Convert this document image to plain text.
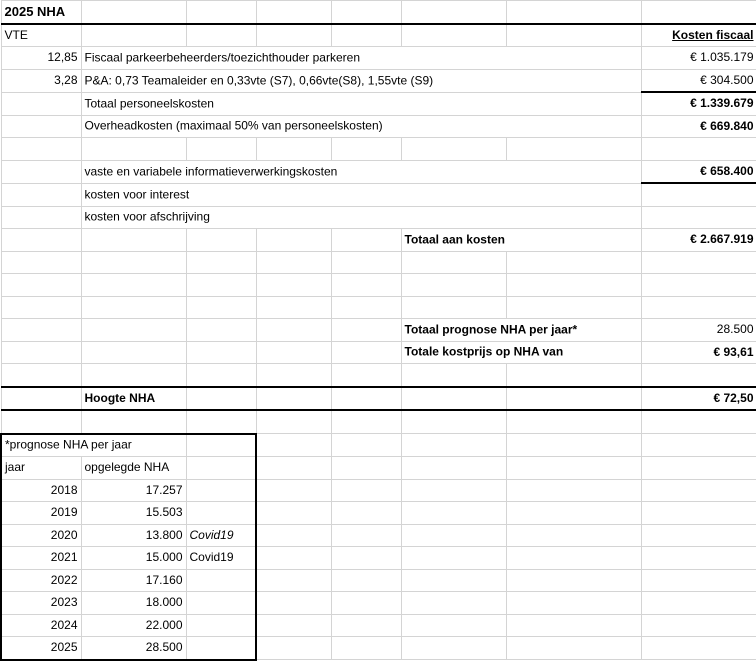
2025 NHA							
VTE							Kosten fiscaal
12,85	Fiscaal parkeerbeheerders/toezichthouder parkeren						€ 1.035.179
3,28	P&A: 0,73 Teamaleider en 0,33vte (S7), 0,66vte(S8), 1,55vte (S9)						€ 304.500

	Totaal personeelskosten						€ 1.339.679

	Overheadkosten (maximaal 50% van personeelskosten)						€ 669.840

	vaste en variabele informatieverwerkingskosten						€ 658.400

	kosten voor interest						

	kosten voor afschrijving						

					Totaal aan kosten		€ 2.667.919

					Totaal prognose NHA per jaar*		28.500

					Totale kostprijs op NHA van		€ 93,61

	Hoogte NHA						€ 72,50

*prognose NHA per jaar							

jaar	opgelegde NHA						
2018	17.257						
2019	15.503						
2020	13.800	Covid19					
2021	15.000	Covid19					
2022	17.160						
2023	18.000						
2024	22.000						
2025	28.500						
